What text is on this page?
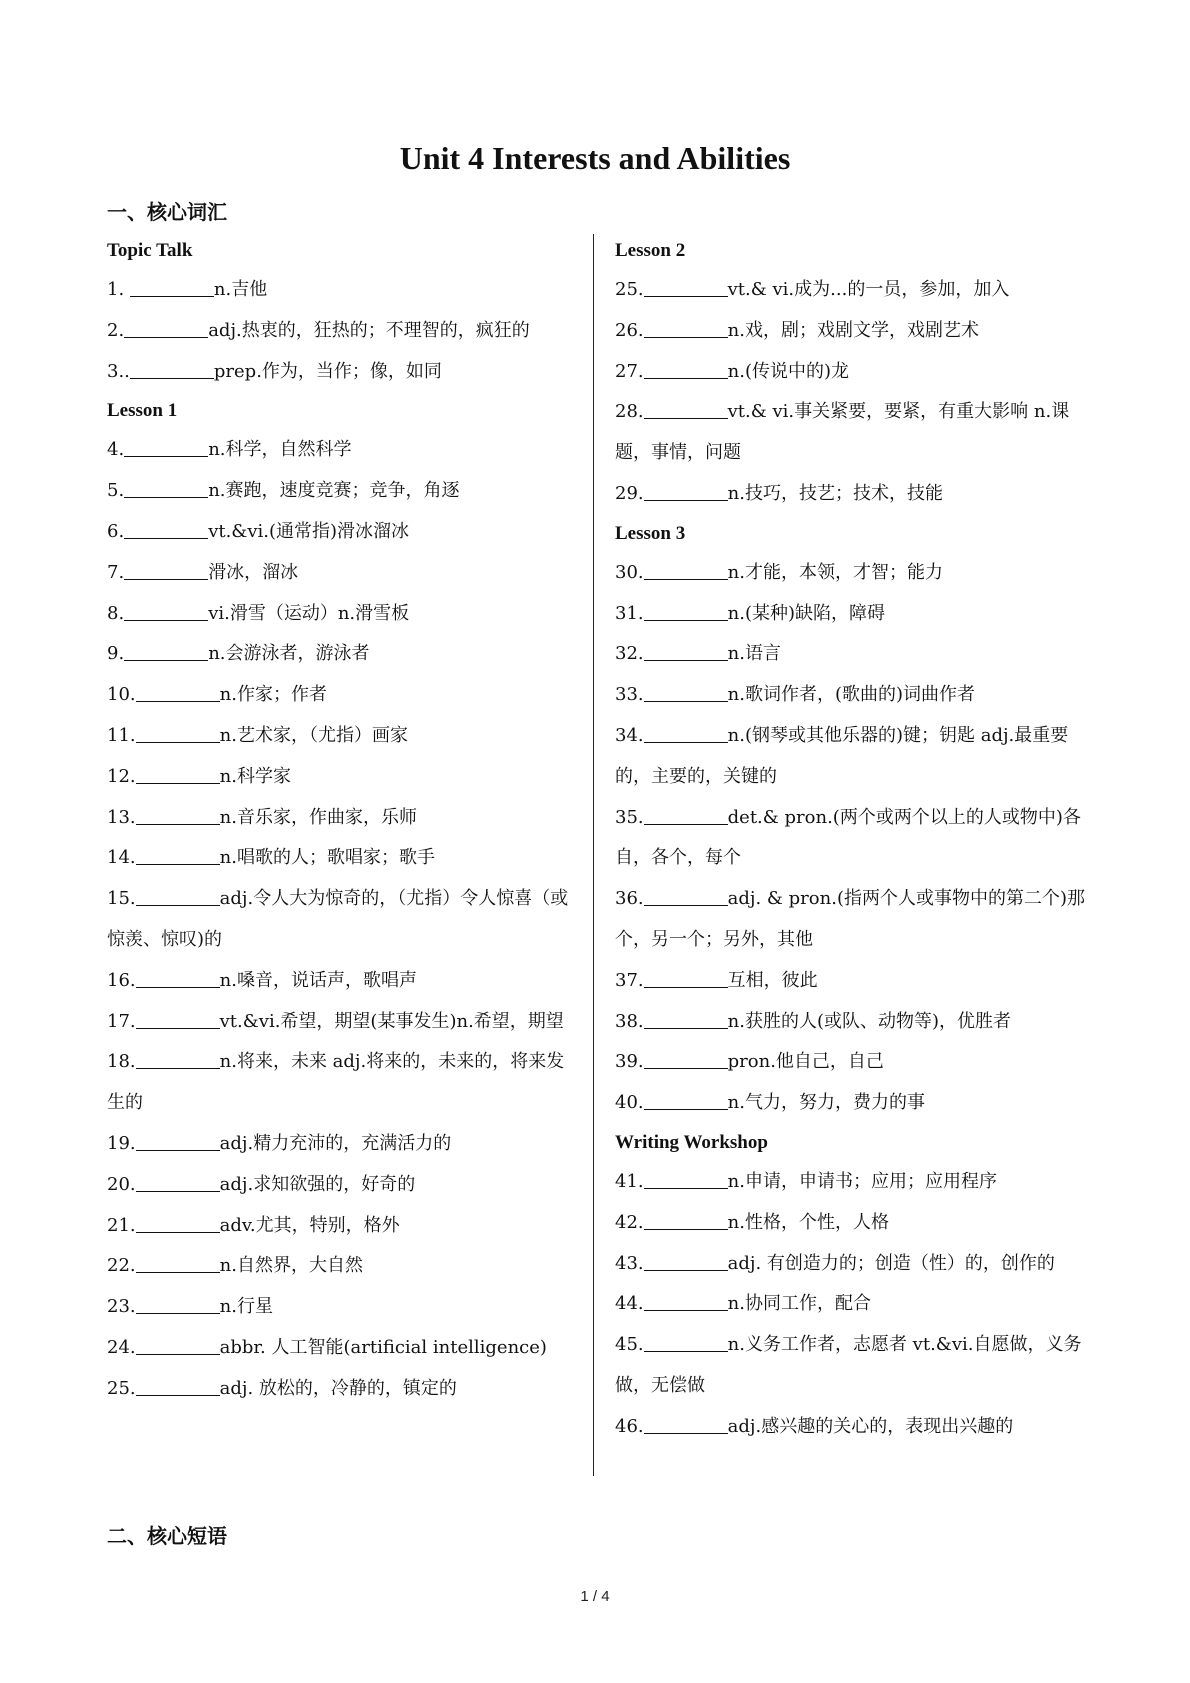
Unit 4 Interests and Abilities
一、核心词汇
Topic Talk
1.	n.吉他
2.	adj.热衷的，狂热的；不理智的，疯狂的
3..	prep.作为，当作；像，如同
Lesson 1
4.	n.科学，自然科学
5.	n.赛跑，速度竞赛；竞争，角逐
6.	vt.&vi.(通常指)滑冰溜冰
7.	滑冰，溜冰
8.	vi.滑雪（运动）n.滑雪板
9.	n.会游泳者，游泳者
10.	n.作家；作者
11.	n.艺术家，（尤指）画家
12.	n.科学家
13.	n.音乐家，作曲家，乐师
14.	n.唱歌的人；歌唱家；歌手
15.	adj.令人大为惊奇的，（尤指）令人惊喜（或惊羡、惊叹)的
16.	n.嗓音，说话声，歌唱声
17.	vt.&vi.希望，期望(某事发生)n.希望，期望
18.	n.将来，未来 adj.将来的，未来的，将来发生的
19.	adj.精力充沛的，充满活力的
20.	adj.求知欲强的，好奇的
21.	adv.尤其，特别，格外
22.	n.自然界，大自然
23.	n.行星
24.	abbr. 人工智能(artificial intelligence)
25.	adj. 放松的，冷静的，镇定的
Lesson 2
25.	vt.& vi.成为...的一员，参加，加入
26.	n.戏，剧；戏剧文学，戏剧艺术
27.	n.(传说中的)龙
28.	vt.& vi.事关紧要，要紧，有重大影响 n.课题，事情，问题
29.	n.技巧，技艺；技术，技能
Lesson 3
30.	n.才能，本领，才智；能力
31.	n.(某种)缺陷，障碍
32.	n.语言
33.	n.歌词作者，(歌曲的)词曲作者
34.	n.(钢琴或其他乐器的)键；钥匙 adj.最重要的，主要的，关键的
35.	det.& pron.(两个或两个以上的人或物中)各自，各个，每个
36.	adj. & pron.(指两个人或事物中的第二个)那个，另一个；另外，其他
37.	互相，彼此
38.	n.获胜的人(或队、动物等)，优胜者
39.	pron.他自己，自己
40.	n.气力，努力，费力的事
Writing Workshop
41.	n.申请，申请书；应用；应用程序
42.	n.性格，个性，人格
43.	adj. 有创造力的；创造（性）的，创作的
44.	n.协同工作，配合
45.	n.义务工作者，志愿者 vt.&vi.自愿做，义务做，无偿做
46.	adj.感兴趣的关心的，表现出兴趣的
二、核心短语
1 / 4
